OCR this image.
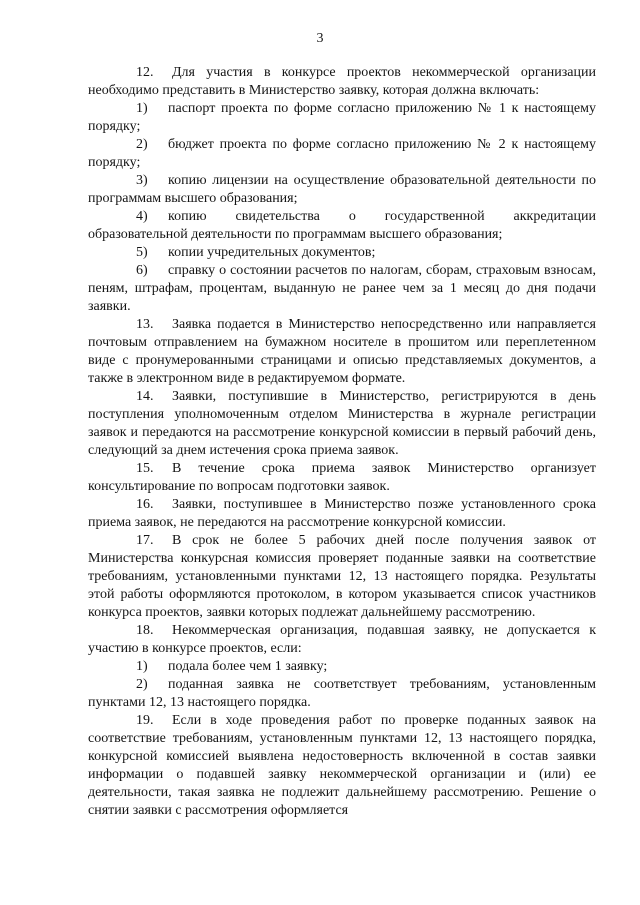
3

12. Для участия в конкурсе проектов некоммерческой организации необходимо представить в Министерство заявку, которая должна включать:

1) паспорт проекта по форме согласно приложению № 1 к настоящему порядку;

2) бюджет проекта по форме согласно приложению № 2 к настоящему порядку;

3) копию лицензии на осуществление образовательной деятельности по программам высшего образования;

4) копию свидетельства о государственной аккредитации образовательной деятельности по программам высшего образования;

5) копии учредительных документов;

6) справку о состоянии расчетов по налогам, сборам, страховым взносам, пеням, штрафам, процентам, выданную не ранее чем за 1 месяц до дня подачи заявки.

13. Заявка подается в Министерство непосредственно или направляется почтовым отправлением на бумажном носителе в прошитом или переплетенном виде с пронумерованными страницами и описью представляемых документов, а также в электронном виде в редактируемом формате.

14. Заявки, поступившие в Министерство, регистрируются в день поступления уполномоченным отделом Министерства в журнале регистрации заявок и передаются на рассмотрение конкурсной комиссии в первый рабочий день, следующий за днем истечения срока приема заявок.

15. В течение срока приема заявок Министерство организует консультирование по вопросам подготовки заявок.

16. Заявки, поступившее в Министерство позже установленного срока приема заявок, не передаются на рассмотрение конкурсной комиссии.

17. В срок не более 5 рабочих дней после получения заявок от Министерства конкурсная комиссия проверяет поданные заявки на соответствие требованиям, установленными пунктами 12, 13 настоящего порядка. Результаты этой работы оформляются протоколом, в котором указывается список участников конкурса проектов, заявки которых подлежат дальнейшему рассмотрению.

18. Некоммерческая организация, подавшая заявку, не допускается к участию в конкурсе проектов, если:

1) подала более чем 1 заявку;

2) поданная заявка не соответствует требованиям, установленным пунктами 12, 13 настоящего порядка.

19. Если в ходе проведения работ по проверке поданных заявок на соответствие требованиям, установленным пунктами 12, 13 настоящего порядка, конкурсной комиссией выявлена недостоверность включенной в состав заявки информации о подавшей заявку некоммерческой организации и (или) ее деятельности, такая заявка не подлежит дальнейшему рассмотрению. Решение о снятии заявки с рассмотрения оформляется
